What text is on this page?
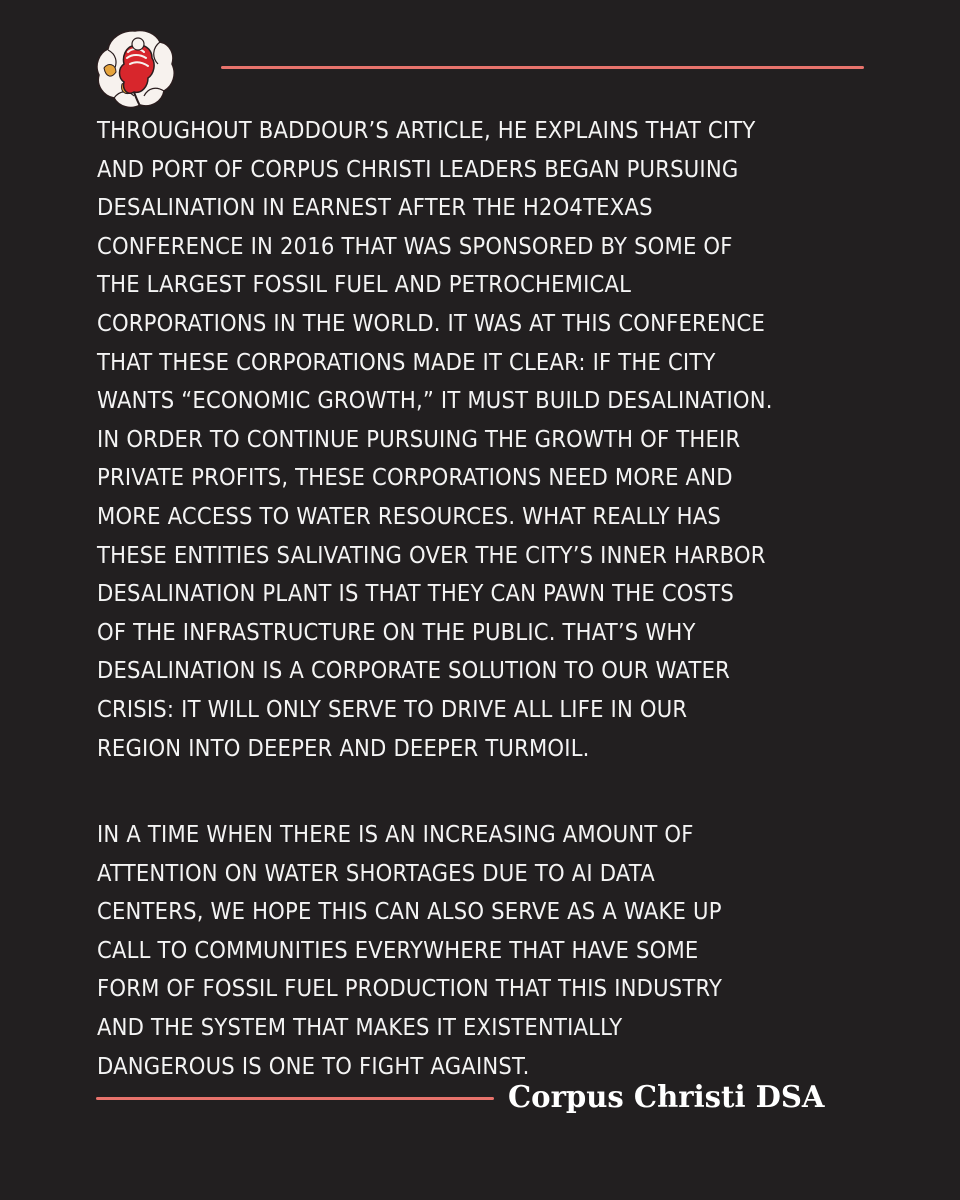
THROUGHOUT BADDOUR’S ARTICLE, HE EXPLAINS THAT CITY
AND PORT OF CORPUS CHRISTI LEADERS BEGAN PURSUING
DESALINATION IN EARNEST AFTER THE H2O4TEXAS
CONFERENCE IN 2016 THAT WAS SPONSORED BY SOME OF
THE LARGEST FOSSIL FUEL AND PETROCHEMICAL
CORPORATIONS IN THE WORLD. IT WAS AT THIS CONFERENCE
THAT THESE CORPORATIONS MADE IT CLEAR: IF THE CITY
WANTS “ECONOMIC GROWTH,” IT MUST BUILD DESALINATION.
IN ORDER TO CONTINUE PURSUING THE GROWTH OF THEIR
PRIVATE PROFITS, THESE CORPORATIONS NEED MORE AND
MORE ACCESS TO WATER RESOURCES. WHAT REALLY HAS
THESE ENTITIES SALIVATING OVER THE CITY’S INNER HARBOR
DESALINATION PLANT IS THAT THEY CAN PAWN THE COSTS
OF THE INFRASTRUCTURE ON THE PUBLIC. THAT’S WHY
DESALINATION IS A CORPORATE SOLUTION TO OUR WATER
CRISIS: IT WILL ONLY SERVE TO DRIVE ALL LIFE IN OUR
REGION INTO DEEPER AND DEEPER TURMOIL.

IN A TIME WHEN THERE IS AN INCREASING AMOUNT OF
ATTENTION ON WATER SHORTAGES DUE TO AI DATA
CENTERS, WE HOPE THIS CAN ALSO SERVE AS A WAKE UP
CALL TO COMMUNITIES EVERYWHERE THAT HAVE SOME
FORM OF FOSSIL FUEL PRODUCTION THAT THIS INDUSTRY
AND THE SYSTEM THAT MAKES IT EXISTENTIALLY
DANGEROUS IS ONE TO FIGHT AGAINST.

Corpus Christi DSA
